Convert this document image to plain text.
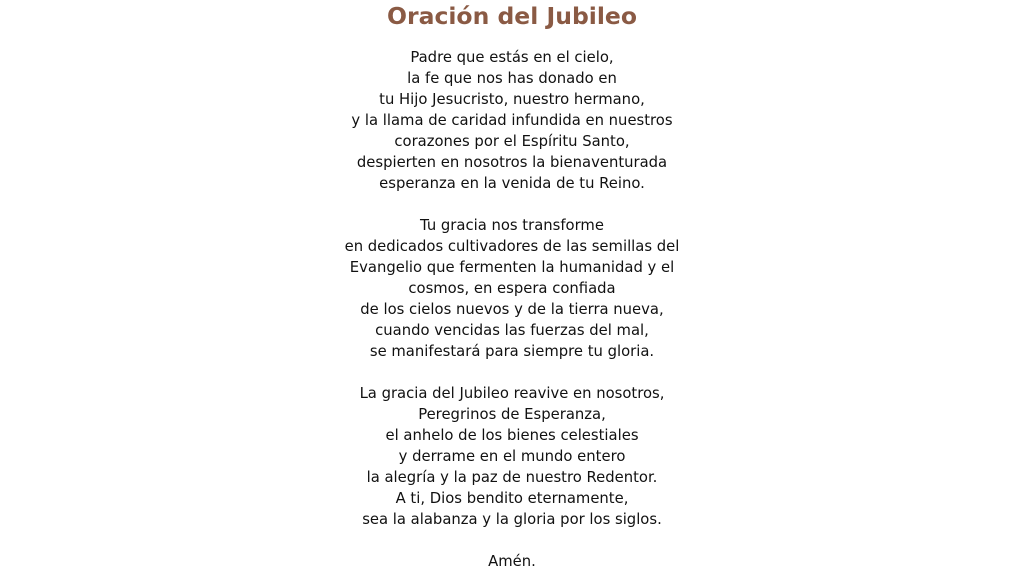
Oración del Jubileo
Padre que estás en el cielo,
la fe que nos has donado en
tu Hijo Jesucristo, nuestro hermano,
y la llama de caridad infundida en nuestros
corazones por el Espíritu Santo,
despierten en nosotros la bienaventurada
esperanza en la venida de tu Reino.
Tu gracia nos transforme
en dedicados cultivadores de las semillas del
Evangelio que fermenten la humanidad y el
cosmos, en espera confiada
de los cielos nuevos y de la tierra nueva,
cuando vencidas las fuerzas del mal,
se manifestará para siempre tu gloria.
La gracia del Jubileo reavive en nosotros,
Peregrinos de Esperanza,
el anhelo de los bienes celestiales
y derrame en el mundo entero
la alegría y la paz de nuestro Redentor.
A ti, Dios bendito eternamente,
sea la alabanza y la gloria por los siglos.
Amén.
